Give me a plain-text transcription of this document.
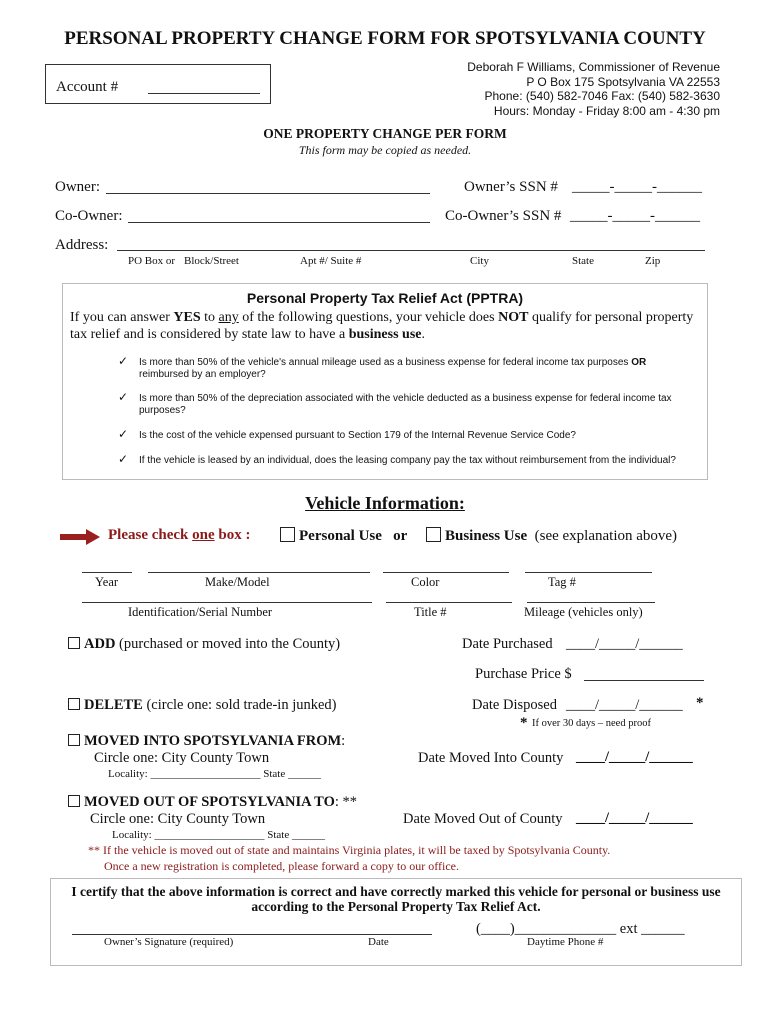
PERSONAL PROPERTY CHANGE FORM FOR SPOTSYLVANIA COUNTY
Account #
Deborah F Williams, Commissioner of Revenue
P O Box 175 Spotsylvania VA 22553
Phone: (540) 582-7046 Fax: (540) 582-3630
Hours: Monday - Friday 8:00 am - 4:30 pm
ONE PROPERTY CHANGE PER FORM
This form may be copied as needed.
Owner:	Owner’s SSN # _____-_____-______
Co-Owner:	Co-Owner’s SSN # _____-_____-______
Address:
PO Box or Block/Street	Apt #/ Suite #	City	State	Zip
Personal Property Tax Relief Act (PPTRA)
If you can answer YES to any of the following questions, your vehicle does NOT qualify for personal property
tax relief and is considered by state law to have a business use.
✓ Is more than 50% of the vehicle's annual mileage used as a business expense for federal income tax purposes OR
reimbursed by an employer?
✓ Is more than 50% of the depreciation associated with the vehicle deducted as a business expense for federal income tax purposes?
✓ Is the cost of the vehicle expensed pursuant to Section 179 of the Internal Revenue Service Code?
✓ If the vehicle is leased by an individual, does the leasing company pay the tax without reimbursement from the individual?
Vehicle Information:
Please check one box :	Personal Use or	Business Use (see explanation above)
Year	Make/Model	Color	Tag #
Identification/Serial Number	Title #	Mileage (vehicles only)
ADD (purchased or moved into the County)	Date Purchased ____/_____/______
Purchase Price $
DELETE (circle one: sold trade-in junked)	Date Disposed ____/_____/______ *
* If over 30 days – need proof
MOVED INTO SPOTSYLVANIA FROM:
Circle one: City County Town	Date Moved Into County ____/_____/______
Locality: ____________________ State ______
MOVED OUT OF SPOTSYLVANIA TO: **
Circle one: City County Town	Date Moved Out of County ____/_____/______
Locality: ____________________ State ______
** If the vehicle is moved out of state and maintains Virginia plates, it will be taxed by Spotsylvania County.
Once a new registration is completed, please forward a copy to our office.
I certify that the above information is correct and have correctly marked this vehicle for personal or business use
according to the Personal Property Tax Relief Act.
(____)______________ ext ______
Owner’s Signature (required)	Date	Daytime Phone #
